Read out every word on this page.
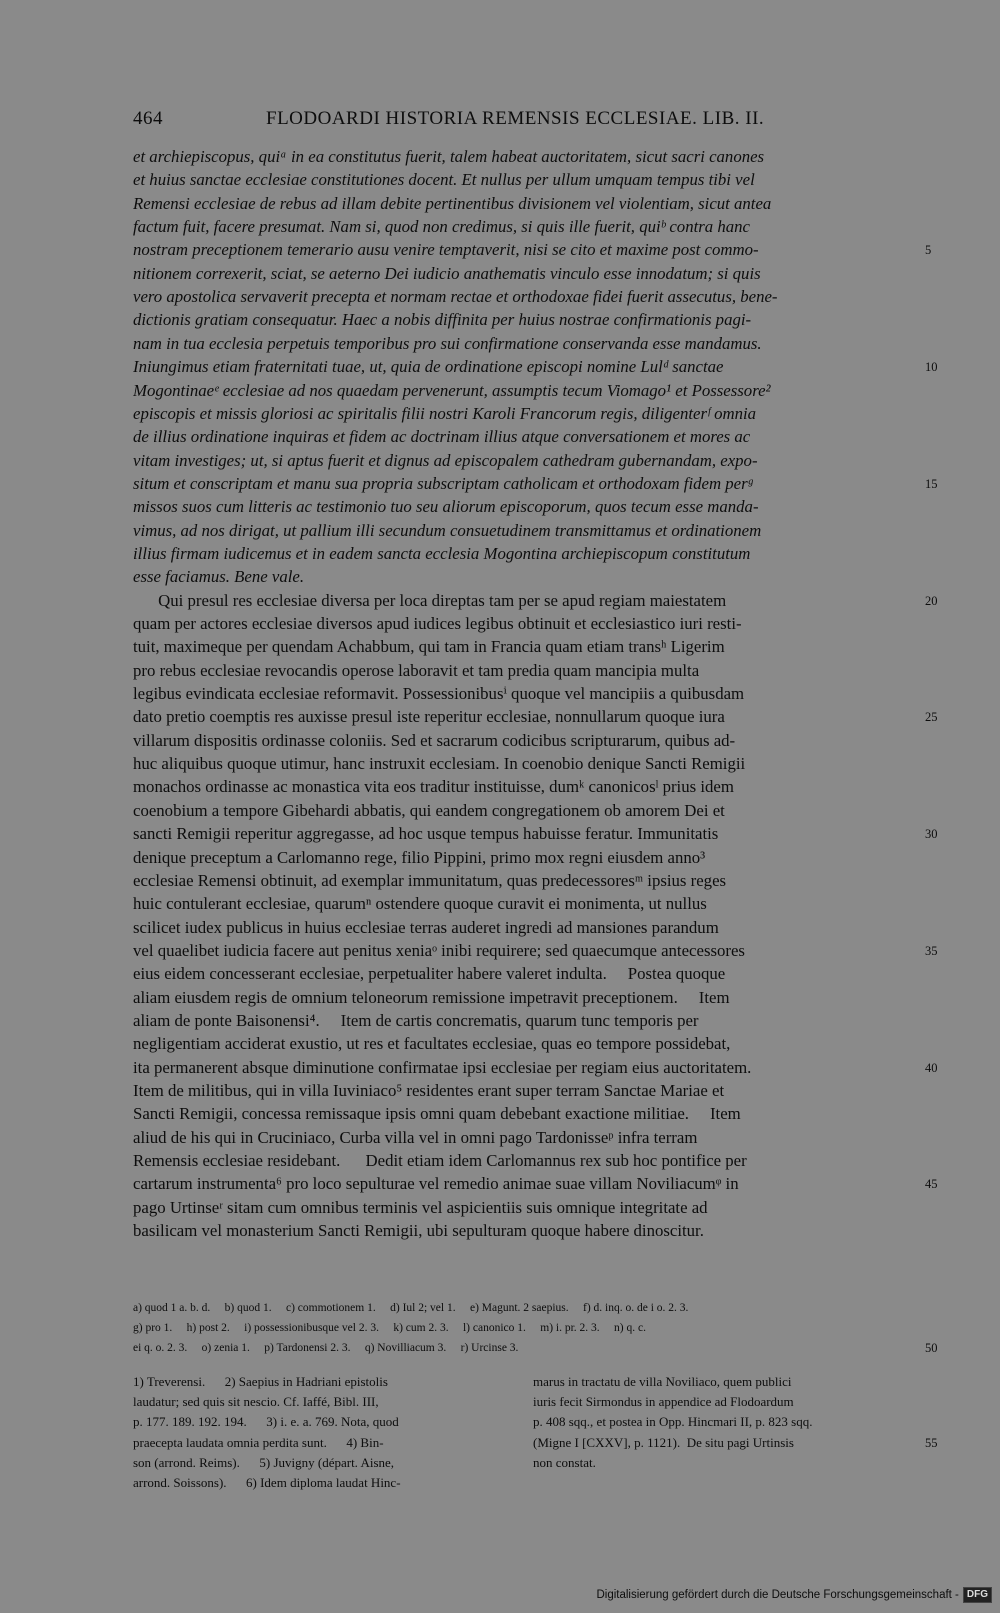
464	FLODOARDI HISTORIA REMENSIS ECCLESIAE. LIB. II.
et archiepiscopus, quiᵃ in ea constitutus fuerit, talem habeat auctoritatem, sicut sacri canones
et huius sanctae ecclesiae constitutiones docent. Et nullus per ullum umquam tempus tibi vel
Remensi ecclesiae de rebus ad illam debite pertinentibus divisionem vel violentiam, sicut antea
factum fuit, facere presumat. Nam si, quod non credimus, si quis ille fuerit, quiᵇ contra hanc
nostram preceptionem temerario ausu venire temptaverit, nisi se cito et maxime post commo-	5
nitionem correxerit, sciat, se aeterno Dei iudicio anathematis vinculo esse innodatum; si quis
vero apostolica servaverit precepta et normam rectae et orthodoxae fidei fuerit assecutus, bene-
dictionis gratiam consequatur. Haec a nobis diffinita per huius nostrae confirmationis pagi-
nam in tua ecclesia perpetuis temporibus pro sui confirmatione conservanda esse mandamus.
Iniungimus etiam fraternitati tuae, ut, quia de ordinatione episcopi nomine Lulᵈ sanctae	10
Mogontinaeᵉ ecclesiae ad nos quaedam pervenerunt, assumptis tecum Viomago¹ et Possessore²
episcopis et missis gloriosi ac spiritalis filii nostri Karoli Francorum regis, diligenterᶠ omnia
de illius ordinatione inquiras et fidem ac doctrinam illius atque conversationem et mores ac
vitam investiges; ut, si aptus fuerit et dignus ad episcopalem cathedram gubernandam, expo-
situm et conscriptam et manu sua propria subscriptam catholicam et orthodoxam fidem perᵍ	15
missos suos cum litteris ac testimonio tuo seu aliorum episcoporum, quos tecum esse manda-
vimus, ad nos dirigat, ut pallium illi secundum consuetudinem transmittamus et ordinationem
illius firmam iudicemus et in eadem sancta ecclesia Mogontina archiepiscopum constitutum
esse faciamus. Bene vale.
Qui presul res ecclesiae diversa per loca direptas tam per se apud regiam maiestatem	20
quam per actores ecclesiae diversos apud iudices legibus obtinuit et ecclesiastico iuri resti-
tuit, maximeque per quendam Achabbum, qui tam in Francia quam etiam transʰ Ligerim
pro rebus ecclesiae revocandis operose laboravit et tam predia quam mancipia multa
legibus evindicata ecclesiae reformavit. Possessionibusⁱ quoque vel mancipiis a quibusdam
dato pretio coemptis res auxisse presul iste reperitur ecclesiae, nonnullarum quoque iura	25
villarum dispositis ordinasse coloniis. Sed et sacrarum codicibus scripturarum, quibus ad-
huc aliquibus quoque utimur, hanc instruxit ecclesiam. In coenobio denique Sancti Remigii
monachos ordinasse ac monastica vita eos traditur instituisse, dumᵏ canonicosˡ prius idem
coenobium a tempore Gibehardi abbatis, qui eandem congregationem ob amorem Dei et
sancti Remigii reperitur aggregasse, ad hoc usque tempus habuisse feratur. Immunitatis	30
denique preceptum a Carlomanno rege, filio Pippini, primo mox regni eiusdem anno³
ecclesiae Remensi obtinuit, ad exemplar immunitatum, quas predecessoresᵐ ipsius reges
huic contulerant ecclesiae, quarumⁿ ostendere quoque curavit ei monimenta, ut nullus
scilicet iudex publicus in huius ecclesiae terras auderet ingredi ad mansiones parandum
vel quaelibet iudicia facere aut penitus xeniaᵒ inibi requirere; sed quaecumque antecessores	35
eius eidem concesserant ecclesiae, perpetualiter habere valeret indulta.     Postea quoque
aliam eiusdem regis de omnium teloneorum remissione impetravit preceptionem.     Item
aliam de ponte Baisonensi⁴.     Item de cartis concrematis, quarum tunc temporis per
negligentiam acciderat exustio, ut res et facultates ecclesiae, quas eo tempore possidebat,
ita permanerent absque diminutione confirmatae ipsi ecclesiae per regiam eius auctoritatem.	40
Item de militibus, qui in villa Iuviniaco⁵ residentes erant super terram Sanctae Mariae et
Sancti Remigii, concessa remissaque ipsis omni quam debebant exactione militiae.     Item
aliud de his qui in Cruciniaco, Curba villa vel in omni pago Tardonisseᵖ infra terram
Remensis ecclesiae residebant.      Dedit etiam idem Carlomannus rex sub hoc pontifice per
cartarum instrumenta⁶ pro loco sepulturae vel remedio animae suae villam Noviliacumᵠ in	45
pago Urtinseʳ sitam cum omnibus terminis vel aspicientiis suis omnique integritate ad
basilicam vel monasterium Sancti Remigii, ubi sepulturam quoque habere dinoscitur.
a) quod 1 a. b. d.     b) quod 1.     c) commotionem 1.     d) Iul 2; vel 1.     e) Magunt. 2 saepius.     f) d. inq. o. de i o. 2. 3.
g) pro 1.     h) post 2.     i) possessionibusque vel 2. 3.     k) cum 2. 3.     l) canonico 1.     m) i. pr. 2. 3.     n) q. c.
ei q. o. 2. 3.     o) zenia 1.     p) Tardonensi 2. 3.     q) Novilliacum 3.     r) Urcinse 3.	50
1) Treverensi.      2) Saepius in Hadriani epistolis
laudatur; sed quis sit nescio. Cf. Iaffé, Bibl. III,
p. 177. 189. 192. 194.      3) i. e. a. 769. Nota, quod
praecepta laudata omnia perdita sunt.      4) Bin-
son (arrond. Reims).      5) Juvigny (départ. Aisne,
arrond. Soissons).      6) Idem diploma laudat Hinc-
marus in tractatu de villa Noviliaco, quem publici
iuris fecit Sirmondus in appendice ad Flodoardum
p. 408 sqq., et postea in Opp. Hincmari II, p. 823 sqq.
(Migne I [CXXV], p. 1121).  De situ pagi Urtinsis
non constat.
55
Digitalisierung gefördert durch die Deutsche Forschungsgemeinschaft - DFG
